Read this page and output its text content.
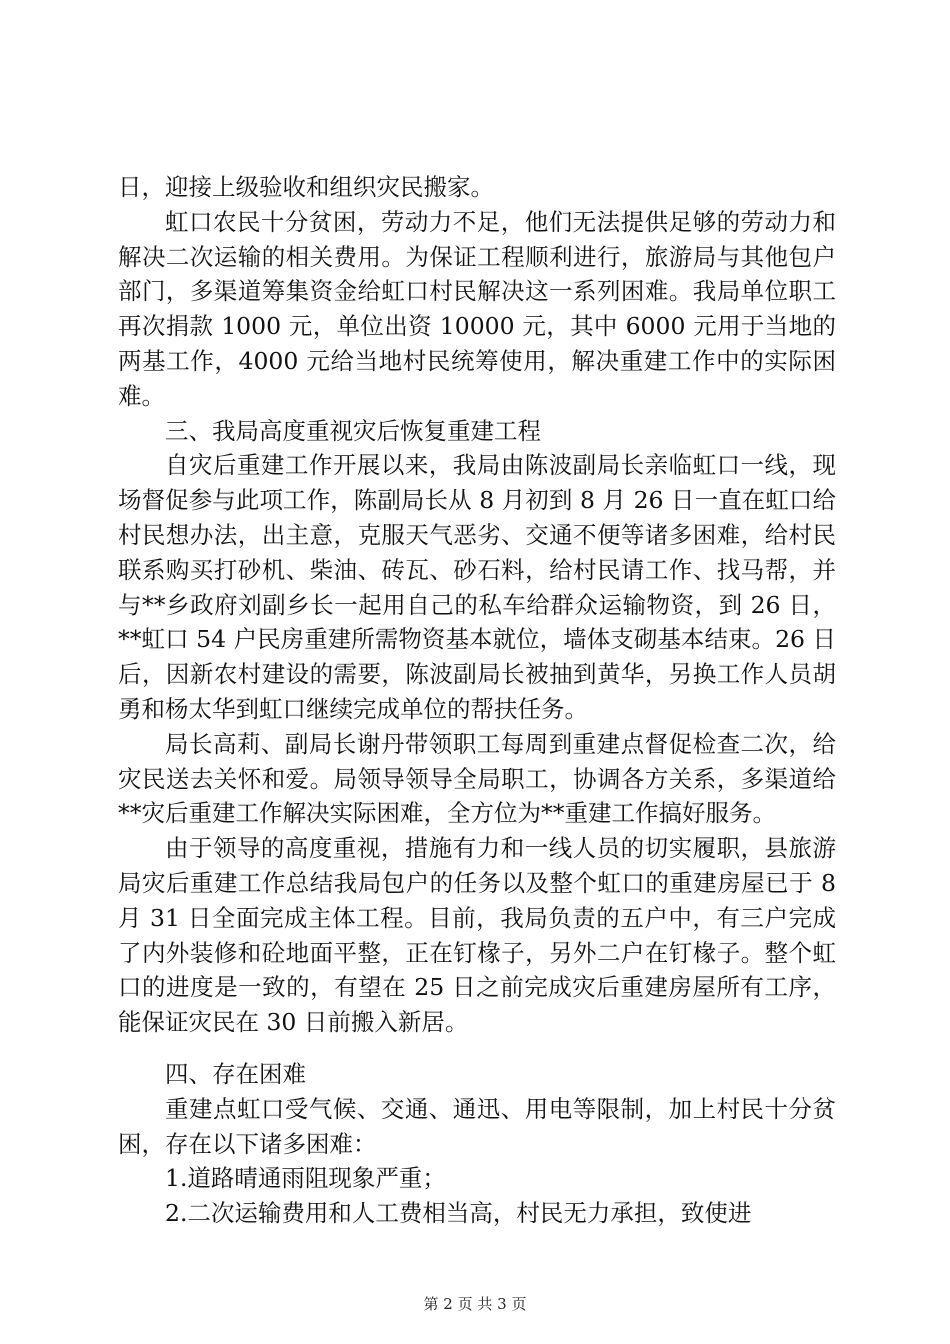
日，迎接上级验收和组织灾民搬家。

虹口农民十分贫困，劳动力不足，他们无法提供足够的劳动力和解决二次运输的相关费用。为保证工程顺利进行，旅游局与其他包户部门，多渠道筹集资金给虹口村民解决这一系列困难。我局单位职工再次捐款 1000 元，单位出资 10000 元，其中 6000 元用于当地的两基工作，4000 元给当地村民统筹使用，解决重建工作中的实际困难。

三、我局高度重视灾后恢复重建工程

自灾后重建工作开展以来，我局由陈波副局长亲临虹口一线，现场督促参与此项工作，陈副局长从 8 月初到 8 月 26 日一直在虹口给村民想办法，出主意，克服天气恶劣、交通不便等诸多困难，给村民联系购买打砂机、柴油、砖瓦、砂石料，给村民请工作、找马帮，并与**乡政府刘副乡长一起用自己的私车给群众运输物资，到 26 日，**虹口 54 户民房重建所需物资基本就位，墙体支砌基本结束。26 日后，因新农村建设的需要，陈波副局长被抽到黄华，另换工作人员胡勇和杨太华到虹口继续完成单位的帮扶任务。

局长高莉、副局长谢丹带领职工每周到重建点督促检查二次，给灾民送去关怀和爱。局领导领导全局职工，协调各方关系，多渠道给**灾后重建工作解决实际困难，全方位为**重建工作搞好服务。

由于领导的高度重视，措施有力和一线人员的切实履职，县旅游局灾后重建工作总结我局包户的任务以及整个虹口的重建房屋已于 8 月 31 日全面完成主体工程。目前，我局负责的五户中，有三户完成了内外装修和砼地面平整，正在钉椽子，另外二户在钉椽子。整个虹口的进度是一致的，有望在 25 日之前完成灾后重建房屋所有工序，能保证灾民在 30 日前搬入新居。

四、存在困难

重建点虹口受气候、交通、通迅、用电等限制，加上村民十分贫困，存在以下诸多困难：

1.道路晴通雨阻现象严重；

2.二次运输费用和人工费相当高，村民无力承担，致使进

第 2 页 共 3 页
